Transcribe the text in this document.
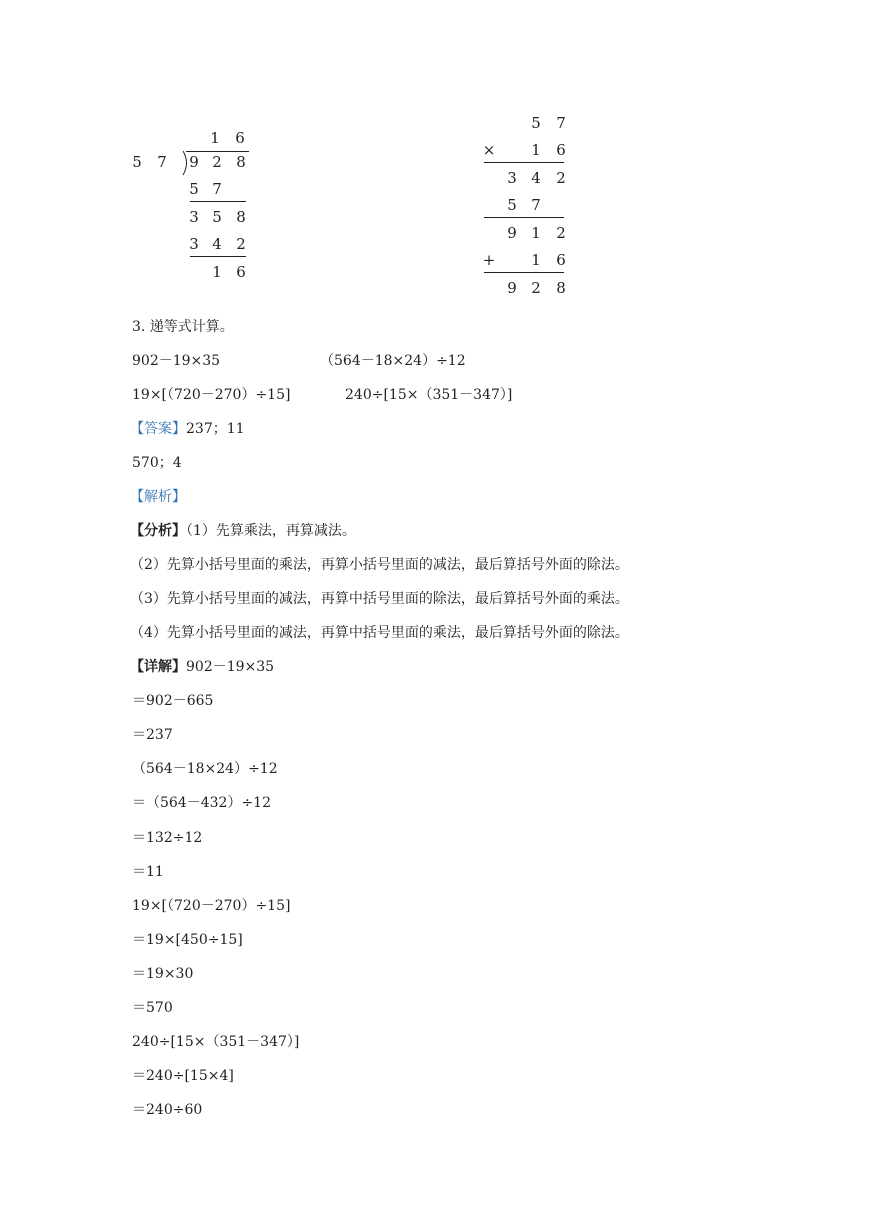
1 6
5 7 9 2 8
5 7
3 5 8
3 4 2
1 6
5 7
× 1 6
3 4 2
5 7
9 1 2
+ 1 6
9 2 8
3. 递等式计算。
902－19×35	（564－18×24）÷12
19×[（720－270）÷15]	240÷[15×（351－347）]
【答案】237；11
570；4
【解析】
【分析】（1）先算乘法，再算减法。
（2）先算小括号里面的乘法，再算小括号里面的减法，最后算括号外面的除法。
（3）先算小括号里面的减法，再算中括号里面的除法，最后算括号外面的乘法。
（4）先算小括号里面的减法，再算中括号里面的乘法，最后算括号外面的除法。
【详解】902－19×35
＝902－665
＝237
（564－18×24）÷12
＝（564－432）÷12
＝132÷12
＝11
19×[（720－270）÷15]
＝19×[450÷15]
＝19×30
＝570
240÷[15×（351－347）]
＝240÷[15×4]
＝240÷60
